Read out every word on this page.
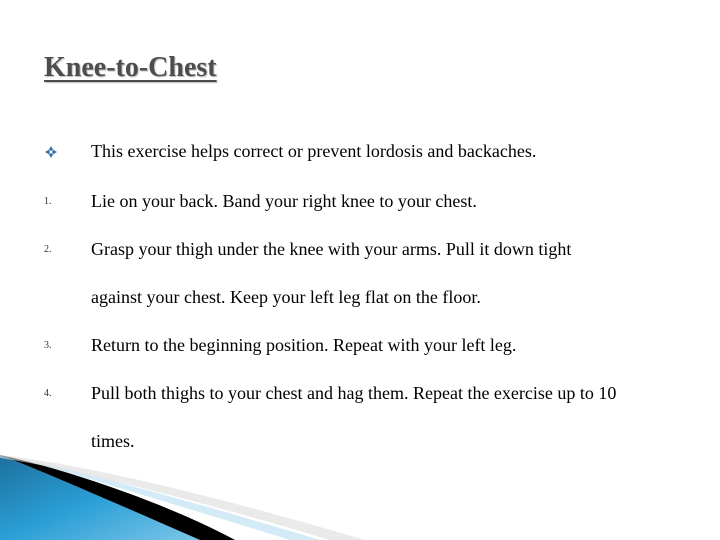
Knee-to-Chest
This exercise helps correct or prevent lordosis and backaches.
1. Lie on your back. Band your right knee to your chest.
2. Grasp your thigh under the knee with your arms. Pull it down tight
against your chest. Keep your left leg flat on the floor.
3. Return to the beginning position. Repeat with your left leg.
4. Pull both thighs to your chest and hag them. Repeat the exercise up to 10
times.
